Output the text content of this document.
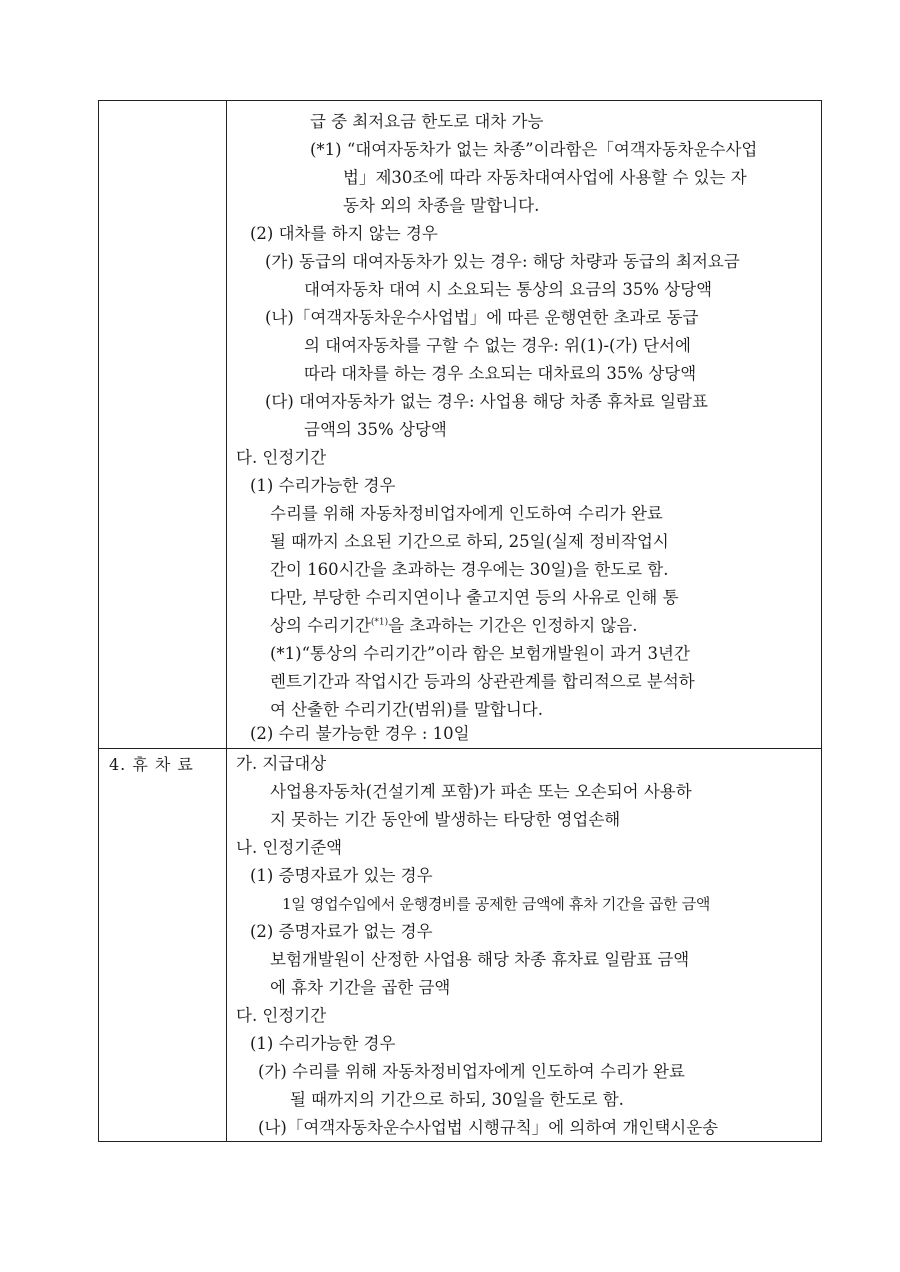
4. 휴 차 료
급 중 최저요금 한도로 대차 가능
(*1) “대여자동차가 없는 차종”이라함은「여객자동차운수사업
법」제30조에 따라 자동차대여사업에 사용할 수 있는 자
동차 외의 차종을 말합니다.
(2) 대차를 하지 않는 경우
(가) 동급의 대여자동차가 있는 경우: 해당 차량과 동급의 최저요금
대여자동차 대여 시 소요되는 통상의 요금의 35% 상당액
(나)「여객자동차운수사업법」에 따른 운행연한 초과로 동급
의 대여자동차를 구할 수 없는 경우: 위(1)-(가) 단서에
따라 대차를 하는 경우 소요되는 대차료의 35% 상당액
(다) 대여자동차가 없는 경우: 사업용 해당 차종 휴차료 일람표
금액의 35% 상당액
다. 인정기간
(1) 수리가능한 경우
수리를 위해 자동차정비업자에게 인도하여 수리가 완료
될 때까지 소요된 기간으로 하되, 25일(실제 정비작업시
간이 160시간을 초과하는 경우에는 30일)을 한도로 함.
다만, 부당한 수리지연이나 출고지연 등의 사유로 인해 통
상의 수리기간$^{(*1)}$을 초과하는 기간은 인정하지 않음.
(*1)“통상의 수리기간”이라 함은 보험개발원이 과거 3년간
렌트기간과 작업시간 등과의 상관관계를 합리적으로 분석하
여 산출한 수리기간(범위)를 말합니다.
(2) 수리 불가능한 경우 : 10일
가. 지급대상
사업용자동차(건설기계 포함)가 파손 또는 오손되어 사용하
지 못하는 기간 동안에 발생하는 타당한 영업손해
나. 인정기준액
(1) 증명자료가 있는 경우
1일 영업수입에서 운행경비를 공제한 금액에 휴차 기간을 곱한 금액
(2) 증명자료가 없는 경우
보험개발원이 산정한 사업용 해당 차종 휴차료 일람표 금액
에 휴차 기간을 곱한 금액
다. 인정기간
(1) 수리가능한 경우
(가) 수리를 위해 자동차정비업자에게 인도하여 수리가 완료
될 때까지의 기간으로 하되, 30일을 한도로 함.
(나)「여객자동차운수사업법 시행규칙」에 의하여 개인택시운송
